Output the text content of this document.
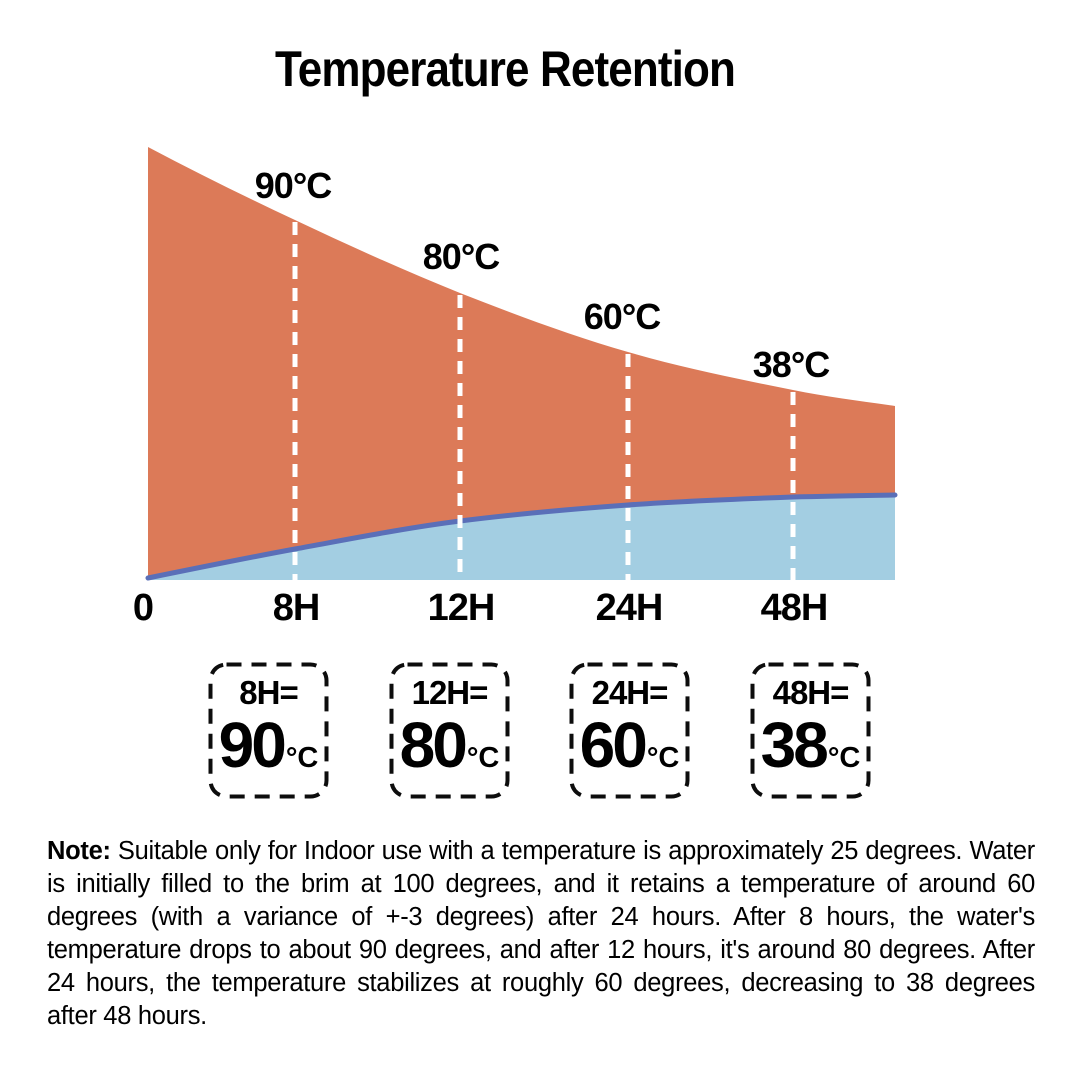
Temperature Retention
90°C
80°C
60°C
38°C
0	8H	12H	24H	48H
8H=
90 °C
12H=
80 °C
24H=
60 °C
48H=
38 °C

Note: Suitable only for Indoor use with a temperature is approximately 25 degrees. Water is initially filled to the brim at 100 degrees, and it retains a temperature of around 60 degrees (with a variance of +-3 degrees) after 24 hours. After 8 hours, the water's temperature drops to about 90 degrees, and after 12 hours, it's around 80 degrees. After 24 hours, the temperature stabilizes at roughly 60 degrees, decreasing to 38 degrees after 48 hours.
